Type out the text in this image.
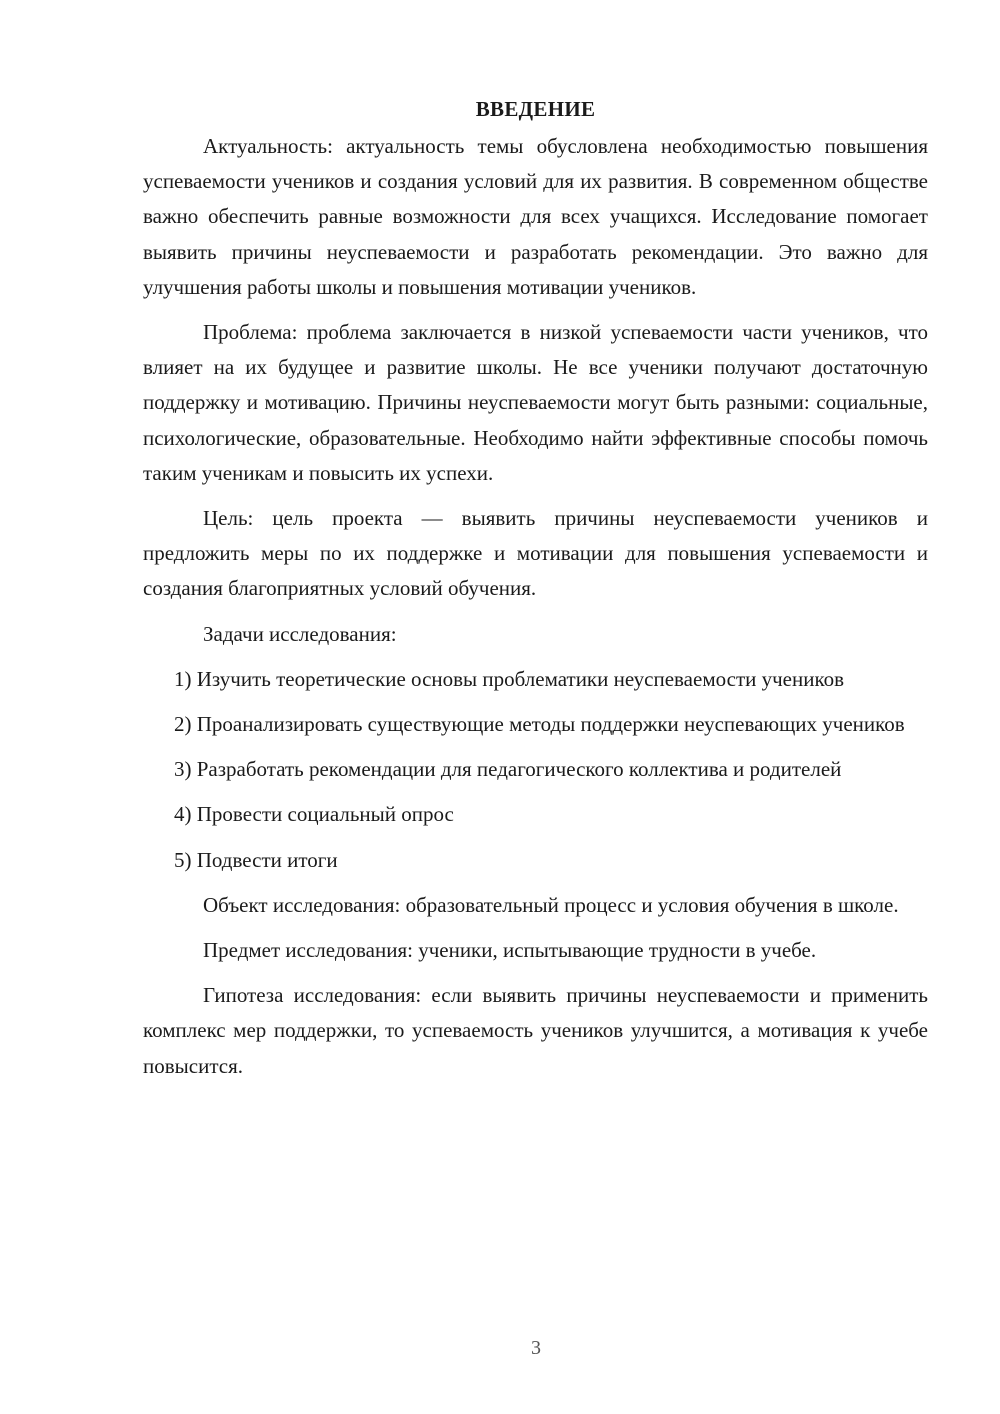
ВВЕДЕНИЕ

Актуальность: актуальность темы обусловлена необходимостью повышения успеваемости учеников и создания условий для их развития. В современном обществе важно обеспечить равные возможности для всех учащихся. Исследование помогает выявить причины неуспеваемости и разработать рекомендации. Это важно для улучшения работы школы и повышения мотивации учеников.

Проблема: проблема заключается в низкой успеваемости части учеников, что влияет на их будущее и развитие школы. Не все ученики получают достаточную поддержку и мотивацию. Причины неуспеваемости могут быть разными: социальные, психологические, образовательные. Необходимо найти эффективные способы помочь таким ученикам и повысить их успехи.

Цель: цель проекта — выявить причины неуспеваемости учеников и предложить меры по их поддержке и мотивации для повышения успеваемости и создания благоприятных условий обучения.

Задачи исследования:

1) Изучить теоретические основы проблематики неуспеваемости учеников

2) Проанализировать существующие методы поддержки неуспевающих учеников

3) Разработать рекомендации для педагогического коллектива и родителей

4) Провести социальный опрос

5) Подвести итоги

Объект исследования: образовательный процесс и условия обучения в школе.

Предмет исследования: ученики, испытывающие трудности в учебе.

Гипотеза исследования: если выявить причины неуспеваемости и применить комплекс мер поддержки, то успеваемость учеников улучшится, а мотивация к учебе повысится.

3
